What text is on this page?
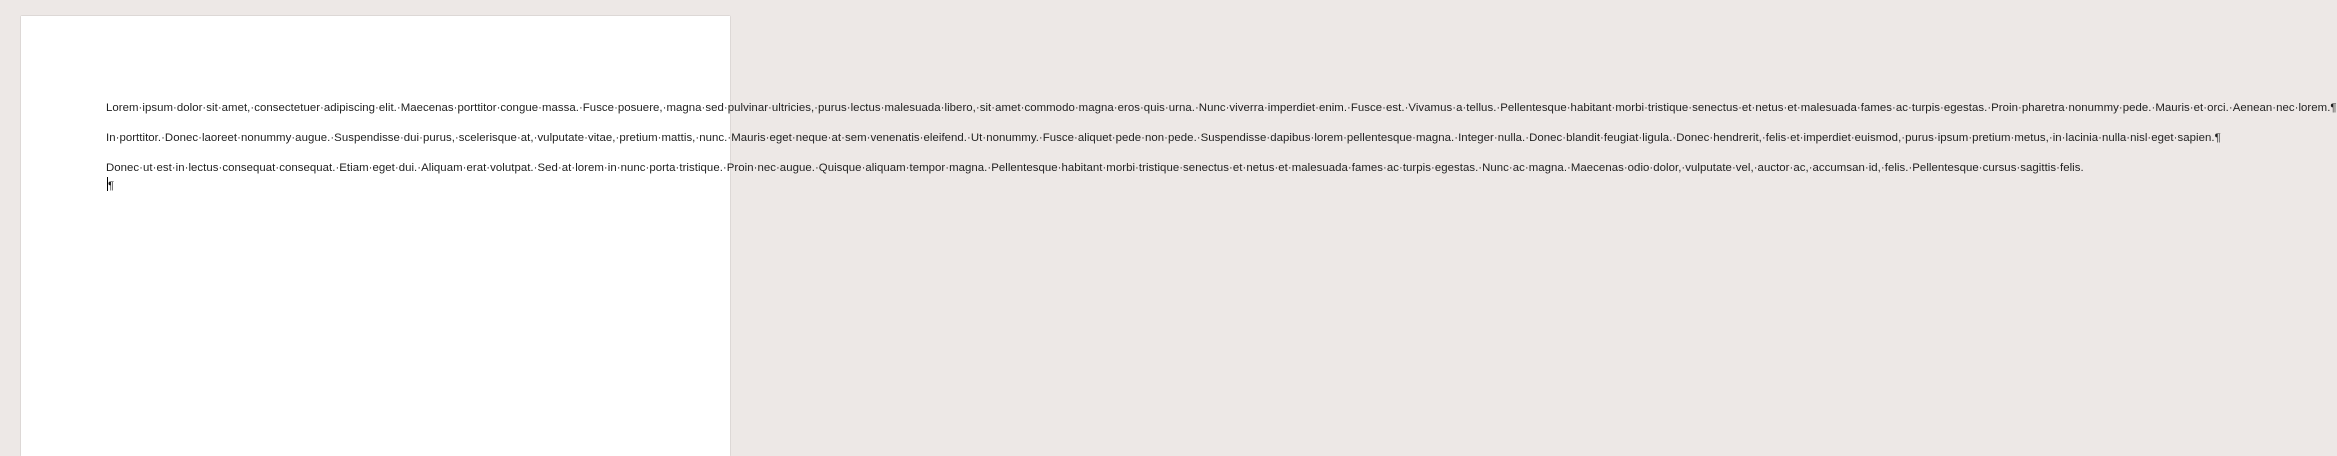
Lorem·ipsum·dolor·sit·amet,·consectetuer·adipiscing·elit.·Maecenas·porttitor·congue·massa.·Fusce·posuere,·magna·sed·pulvinar·ultricies,·purus·lectus·malesuada·libero,·sit·amet·commodo·magna·eros·quis·urna.·Nunc·viverra·imperdiet·enim.·Fusce·est.·Vivamus·a·tellus.·Pellentesque·habitant·morbi·tristique·senectus·et·netus·et·malesuada·fames·ac·turpis·egestas.·Proin·pharetra·nonummy·pede.·Mauris·et·orci.·Aenean·nec·lorem.¶

In·porttitor.·Donec·laoreet·nonummy·augue.·Suspendisse·dui·purus,·scelerisque·at,·vulputate·vitae,·pretium·mattis,·nunc.·Mauris·eget·neque·at·sem·venenatis·eleifend.·Ut·nonummy.·Fusce·aliquet·pede·non·pede.·Suspendisse·dapibus·lorem·pellentesque·magna.·Integer·nulla.·Donec·blandit·feugiat·ligula.·Donec·hendrerit,·felis·et·imperdiet·euismod,·purus·ipsum·pretium·metus,·in·lacinia·nulla·nisl·eget·sapien.¶

Donec·ut·est·in·lectus·consequat·consequat.·Etiam·eget·dui.·Aliquam·erat·volutpat.·Sed·at·lorem·in·nunc·porta·tristique.·Proin·nec·augue.·Quisque·aliquam·tempor·magna.·Pellentesque·habitant·morbi·tristique·senectus·et·netus·et·malesuada·fames·ac·turpis·egestas.·Nunc·ac·magna.·Maecenas·odio·dolor,·vulputate·vel,·auctor·ac,·accumsan·id,·felis.·Pellentesque·cursus·sagittis·felis.¶
